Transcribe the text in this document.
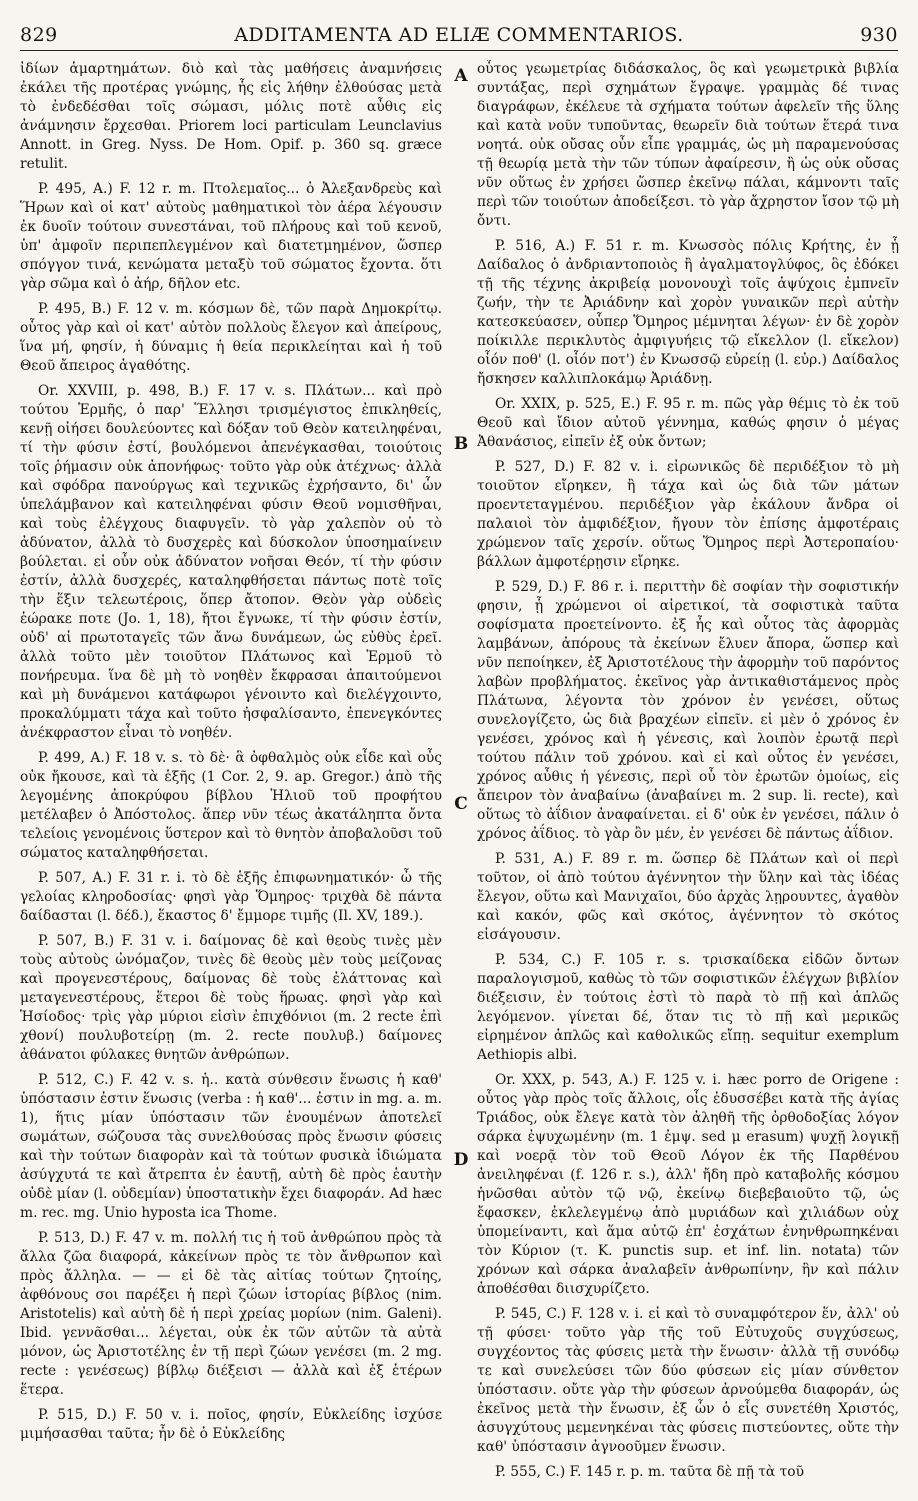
829	ADDITAMENTA AD ELIÆ COMMENTARIOS.	930

ἰδίων ἁμαρτημάτων. διὸ καὶ τὰς μαθήσεις ἀναμνήσεις ἐκάλει τῆς προτέρας γνώμης, ἧς εἰς λήθην ἐλθούσας μετὰ τὸ ἐνδεδέσθαι τοῖς σώμασι, μόλις ποτὲ αὖθις εἰς ἀνάμνησιν ἔρχεσθαι. Priorem loci particulam Leunclavius Annott. in Greg. Nyss. De Hom. Opif. p. 360 sq. græce retulit.

P. 495, A.) F. 12 r. m. Πτολεμαῖος... ὁ Ἀλεξανδρεὺς καὶ Ἥρων καὶ οἱ κατ' αὐτοὺς μαθηματικοὶ τὸν ἀέρα λέγουσιν ἐκ δυοῖν τούτοιν συνεστάναι, τοῦ πλήρους καὶ τοῦ κενοῦ, ὑπ' ἀμφοῖν περιπεπλεγμένον καὶ διατετμημένον, ὥσπερ σπόγγον τινά, κενώματα μεταξὺ τοῦ σώματος ἔχοντα. ὅτι γὰρ σῶμα καὶ ὁ ἀήρ, δῆλον etc.

P. 495, B.) F. 12 v. m. κόσμων δὲ, τῶν παρὰ Δημοκρίτῳ. οὗτος γὰρ καὶ οἱ κατ' αὐτὸν πολλοὺς ἔλεγον καὶ ἀπείρους, ἵνα μή, φησίν, ἡ δύναμις ἡ θεία περικλείηται καὶ ἡ τοῦ Θεοῦ ἄπειρος ἀγαθότης.

Or. XXVIII, p. 498, B.) F. 17 v. s. Πλάτων... καὶ πρὸ τούτου Ἑρμῆς, ὁ παρ' Ἕλλησι τρισμέγιστος ἐπικληθείς, κενῇ οἰήσει δουλεύοντες καὶ δόξαν τοῦ Θεὸν κατειληφέναι, τί τὴν φύσιν ἐστί, βουλόμενοι ἀπενέγκασθαι, τοιούτοις τοῖς ῥήμασιν οὐκ ἀπονήφως· τοῦτο γὰρ οὐκ ἀτέχνως· ἀλλὰ καὶ σφόδρα πανούργως καὶ τεχνικῶς ἐχρήσαντο, δι' ὧν ὑπελάμβανον καὶ κατειληφέναι φύσιν Θεοῦ νομισθῆναι, καὶ τοὺς ἐλέγχους διαφυγεῖν. τὸ γὰρ χαλεπὸν οὐ τὸ ἀδύνατον, ἀλλὰ τὸ δυσχερὲς καὶ δύσκολον ὑποσημαίνειν βούλεται. εἰ οὖν οὐκ ἀδύνατον νοῆσαι Θεόν, τί τὴν φύσιν ἐστίν, ἀλλὰ δυσχερές, καταληφθήσεται πάντως ποτὲ τοῖς τὴν ἕξιν τελεωτέροις, ὅπερ ἄτοπον. Θεὸν γὰρ οὐδεὶς ἑώρακε ποτε (Jo. 1, 18), ἤτοι ἔγνωκε, τί τὴν φύσιν ἐστίν, οὐδ' αἱ πρωτοταγεῖς τῶν ἄνω δυνάμεων, ὡς εὐθὺς ἐρεῖ. ἀλλὰ τοῦτο μὲν τοιοῦτον Πλάτωνος καὶ Ἑρμοῦ τὸ πονήρευμα. ἵνα δὲ μὴ τὸ νοηθὲν ἔκφρασαι ἀπαιτούμενοι καὶ μὴ δυνάμενοι κατάφωροι γένοιντο καὶ διελέγχοιντο, προκαλύμματι τάχα καὶ τοῦτο ἠσφαλίσαντο, ἐπενεγκόντες ἀνέκφραστον εἶναι τὸ νοηθέν.

P. 499, A.) F. 18 v. s. τὸ δὲ· ἃ ὀφθαλμὸς οὐκ εἶδε καὶ οὖς οὐκ ἤκουσε, καὶ τὰ ἑξῆς (1 Cor. 2, 9. ap. Gregor.) ἀπὸ τῆς λεγομένης ἀποκρύφου βίβλου Ἡλιοῦ τοῦ προφήτου μετέλαβεν ὁ Ἀπόστολος. ἅπερ νῦν τέως ἀκατάληπτα ὄντα τελείοις γενομένοις ὕστερον καὶ τὸ θνητὸν ἀποβαλοῦσι τοῦ σώματος καταληφθήσεται.

P. 507, A.) F. 31 r. i. τὸ δὲ ἑξῆς ἐπιφωνηματικόν· ὦ τῆς γελοίας κληροδοσίας· φησὶ γὰρ Ὅμηρος· τριχθὰ δὲ πάντα δαίδασται (l. δέδ.), ἕκαστος δ' ἔμμορε τιμῆς (Il. XV, 189.).

P. 507, B.) F. 31 v. i. δαίμονας δὲ καὶ θεοὺς τινὲς μὲν τοὺς αὐτοὺς ὠνόμαζον, τινὲς δὲ θεοὺς μὲν τοὺς μείζονας καὶ προγενεστέρους, δαίμονας δὲ τοὺς ἐλάττονας καὶ μεταγενεστέρους, ἕτεροι δὲ τοὺς ἥρωας. φησὶ γὰρ καὶ Ἡσίοδος· τρὶς γὰρ μύριοι εἰσὶν ἐπιχθόνιοι (m. 2 recte ἐπὶ χθονί) πουλυβοτείρῃ (m. 2. recte πουλυβ.) δαίμονες ἀθάνατοι φύλακες θνητῶν ἀνθρώπων.

P. 512, C.) F. 42 v. s. ἡ.. κατὰ σύνθεσιν ἕνωσις ἡ καθ' ὑπόστασιν ἐστιν ἕνωσις (verba : ἡ καθ'... ἐστιν in mg. a. m. 1), ἥτις μίαν ὑπόστασιν τῶν ἑνουμένων ἀποτελεῖ σωμάτων, σώζουσα τὰς συνελθούσας πρὸς ἕνωσιν φύσεις καὶ τὴν τούτων διαφορὰν καὶ τὰ τούτων φυσικὰ ἰδιώματα ἀσύγχυτά τε καὶ ἄτρεπτα ἐν ἑαυτῇ, αὐτὴ δὲ πρὸς ἑαυτὴν οὐδὲ μίαν (l. οὐδεμίαν) ὑποστατικὴν ἔχει διαφοράν. Ad hæc m. rec. mg. Unio hyposta ica Thome.

P. 513, D.) F. 47 v. m. πολλή τις ἡ τοῦ ἀνθρώπου πρὸς τὰ ἄλλα ζῶα διαφορά, κἀκείνων πρὸς τε τὸν ἄνθρωπον καὶ πρὸς ἄλληλα. — — εἰ δὲ τὰς αἰτίας τούτων ζητοίης, ἀφθόνους σοι παρέξει ἡ περὶ ζώων ἱστορίας βίβλος (nim. Aristotelis) καὶ αὐτὴ δὲ ἡ περὶ χρείας μορίων (nim. Galeni). Ibid. γεννᾶσθαι... λέγεται, οὐκ ἐκ τῶν αὐτῶν τὰ αὐτὰ μόνον, ὡς Ἀριστοτέλης ἐν τῇ περὶ ζώων γενέσει (m. 2 mg. recte : γενέσεως) βίβλῳ διέξεισι — ἀλλὰ καὶ ἐξ ἑτέρων ἕτερα.

P. 515, D.) F. 50 v. i. ποῖος, φησίν, Εὐκλείδης ἰσχύσε μιμήσασθαι ταῦτα; ἦν δὲ ὁ Εὐκλείδης

A
B
C
D

οὗτος γεωμετρίας διδάσκαλος, ὃς καὶ γεωμετρικὰ βιβλία συντάξας, περὶ σχημάτων ἔγραψε. γραμμὰς δέ τινας διαγράφων, ἐκέλευε τὰ σχήματα τούτων ἀφελεῖν τῆς ὕλης καὶ κατὰ νοῦν τυποῦντας, θεωρεῖν διὰ τούτων ἕτερά τινα νοητά. οὐκ οὔσας οὖν εἶπε γραμμάς, ὡς μὴ παραμενούσας τῇ θεωρίᾳ μετὰ τὴν τῶν τύπων ἀφαίρεσιν, ἢ ὡς οὐκ οὔσας νῦν οὕτως ἐν χρήσει ὥσπερ ἐκεῖνῳ πάλαι, κάμνοντι ταῖς περὶ τῶν τοιούτων ἀποδείξεσι. τὸ γὰρ ἄχρηστον ἴσον τῷ μὴ ὄντι.

P. 516, A.) F. 51 r. m. Κνωσσὸς πόλις Κρήτης, ἐν ᾗ Δαίδαλος ὁ ἀνδριαντοποιὸς ἢ ἀγαλματογλύφος, ὃς ἐδόκει τῇ τῆς τέχνης ἀκριβείᾳ μονονουχὶ τοῖς ἀψύχοις ἐμπνεῖν ζωήν, τὴν τε Ἀριάδνην καὶ χορὸν γυναικῶν περὶ αὐτὴν κατεσκεύασεν, οὗπερ Ὅμηρος μέμνηται λέγων· ἐν δὲ χορὸν ποίκιλλε περικλυτὸς ἀμφιγυήεις τῷ εἴκελλον (l. εἴκελον) οἷόν ποθ' (l. οἷόν ποτ') ἐν Κνωσσῷ εὐρείῃ (l. εὐρ.) Δαίδαλος ἤσκησεν καλλιπλοκάμῳ Ἀριάδνῃ.

Or. XXIX, p. 525, E.) F. 95 r. m. πῶς γὰρ θέμις τὸ ἐκ τοῦ Θεοῦ καὶ ἴδιον αὐτοῦ γέννημα, καθώς φησιν ὁ μέγας Ἀθανάσιος, εἰπεῖν ἐξ οὐκ ὄντων;

P. 527, D.) F. 82 v. i. εἰρωνικῶς δὲ περιδέξιον τὸ μὴ τοιοῦτον εἴρηκεν, ἢ τάχα καὶ ὡς διὰ τῶν μάτων προεντεταγμένου. περιδέξιον γὰρ ἐκάλουν ἄνδρα οἱ παλαιοὶ τὸν ἀμφιδέξιον, ἤγουν τὸν ἐπίσης ἀμφοτέραις χρώμενον ταῖς χερσίν. οὕτως Ὅμηρος περὶ Ἀστεροπαίου· βάλλων ἀμφοτέρῃσιν εἴρηκε.

P. 529, D.) F. 86 r. i. περιττὴν δὲ σοφίαν τὴν σοφιστικήν φησιν, ᾗ χρώμενοι οἱ αἱρετικοί, τὰ σοφιστικὰ ταῦτα σοφίσματα προετείνοντο. ἐξ ἧς καὶ οὗτος τὰς ἀφορμὰς λαμβάνων, ἀπόρους τὰ ἐκείνων ἔλυεν ἄπορα, ὥσπερ καὶ νῦν πεποίηκεν, ἐξ Ἀριστοτέλους τὴν ἀφορμὴν τοῦ παρόντος λαβὼν προβλήματος. ἐκεῖνος γὰρ ἀντικαθιστάμενος πρὸς Πλάτωνα, λέγοντα τὸν χρόνον ἐν γενέσει, οὕτως συνελογίζετο, ὡς διὰ βραχέων εἰπεῖν. εἰ μὲν ὁ χρόνος ἐν γενέσει, χρόνος καὶ ἡ γένεσις, καὶ λοιπὸν ἐρωτᾷ περὶ τούτου πάλιν τοῦ χρόνου. καὶ εἰ καὶ οὗτος ἐν γενέσει, χρόνος αὖθις ἡ γένεσις, περὶ οὗ τὸν ἐρωτῶν ὁμοίως, εἰς ἄπειρον τὸν ἀναβαίνω (ἀναβαίνει m. 2 sup. li. recte), καὶ οὕτως τὸ ἀΐδιον ἀναφαίνεται. εἰ δ' οὐκ ἐν γενέσει, πάλιν ὁ χρόνος ἀΐδιος. τὸ γὰρ ὂν μέν, ἐν γενέσει δὲ πάντως ἀΐδιον.

P. 531, A.) F. 89 r. m. ὥσπερ δὲ Πλάτων καὶ οἱ περὶ τοῦτον, οἱ ἀπὸ τούτου ἀγέννητον τὴν ὕλην καὶ τὰς ἰδέας ἔλεγον, οὕτω καὶ Μανιχαῖοι, δύο ἀρχὰς λῃρουντες, ἀγαθὸν καὶ κακόν, φῶς καὶ σκότος, ἀγέννητον τὸ σκότος εἰσάγουσιν.

P. 534, C.) F. 105 r. s. τρισκαίδεκα εἰδῶν ὄντων παραλογισμοῦ, καθὼς τὸ τῶν σοφιστικῶν ἐλέγχων βιβλίον διέξεισιν, ἐν τούτοις ἐστὶ τὸ παρὰ τὸ πῇ καὶ ἁπλῶς λεγόμενον. γίνεται δέ, ὅταν τις τὸ πῇ καὶ μερικῶς εἰρημένον ἁπλῶς καὶ καθολικῶς εἴπῃ. sequitur exemplum Aethiopis albi.

Or. XXX, p. 543, A.) F. 125 v. i. hæc porro de Origene : οὗτος γὰρ πρὸς τοῖς ἄλλοις, οἷς ἐδυσσέβει κατὰ τῆς ἁγίας Τριάδος, οὐκ ἔλεγε κατὰ τὸν ἀληθῆ τῆς ὀρθοδοξίας λόγον σάρκα ἐψυχωμένην (m. 1 ἐμψ. sed μ erasum) ψυχῇ λογικῇ καὶ νοερᾷ τὸν τοῦ Θεοῦ Λόγον ἐκ τῆς Παρθένου ἀνειληφέναι (f. 126 r. s.), ἀλλ' ἤδη πρὸ καταβολῆς κόσμου ἡνῶσθαι αὐτὸν τῷ νῷ, ἐκείνῳ διεβεβαιοῦτο τῷ, ὡς ἔφασκεν, ἐκλελεγμένῳ ἀπὸ μυριάδων καὶ χιλιάδων οὐχ ὑπομείναντι, καὶ ἅμα αὐτῷ ἐπ' ἐσχάτων ἐνηνθρωπηκέναι τὸν Κύριον (τ. K. punctis sup. et inf. lin. notata) τῶν χρόνων καὶ σάρκα ἀναλαβεῖν ἀνθρωπίνην, ἣν καὶ πάλιν ἀποθέσθαι διισχυρίζετο.

P. 545, C.) F. 128 v. i. εἰ καὶ τὸ συναμφότερον ἕν, ἀλλ' οὐ τῇ φύσει· τοῦτο γὰρ τῆς τοῦ Εὐτυχοῦς συγχύσεως, συγχέοντος τὰς φύσεις μετὰ τὴν ἕνωσιν· ἀλλὰ τῇ συνόδῳ τε καὶ συνελεύσει τῶν δύο φύσεων εἰς μίαν σύνθετον ὑπόστασιν. οὔτε γὰρ τὴν φύσεων ἀρνούμεθα διαφοράν, ὡς ἐκεῖνος μετὰ τὴν ἕνωσιν, ἐξ ὧν ὁ εἷς συνετέθη Χριστός, ἀσυγχύτους μεμενηκέναι τὰς φύσεις πιστεύοντες, οὔτε τὴν καθ' ὑπόστασιν ἀγνοοῦμεν ἕνωσιν.

P. 555, C.) F. 145 r. p. m. ταῦτα δὲ πῇ τὰ τοῦ
